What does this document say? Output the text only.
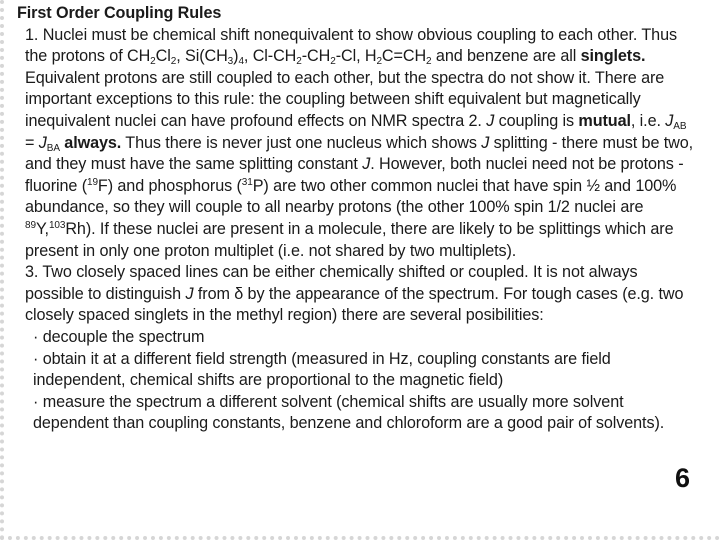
First Order Coupling Rules

1. Nuclei must be chemical shift nonequivalent to show obvious coupling to each other. Thus the protons of $CH_2Cl_2$, $Si(CH_3)_4$, $Cl-CH_2-CH_2-Cl$, $H_2C=CH_2$ and benzene are all singlets. Equivalent protons are still coupled to each other, but the spectra do not show it. There are important exceptions to this rule: the coupling between shift equivalent but magnetically inequivalent nuclei can have profound effects on NMR spectra 2. J coupling is mutual, i.e. $J_{AB} = J_{BA}$ always. Thus there is never just one nucleus which shows J splitting - there must be two, and they must have the same splitting constant J. However, both nuclei need not be protons - fluorine ($^{19}$F) and phosphorus ($^{31}$P) are two other common nuclei that have spin ½ and 100% abundance, so they will couple to all nearby protons (the other 100% spin 1/2 nuclei are $^{89}$Y,$^{103}$Rh). If these nuclei are present in a molecule, there are likely to be splittings which are present in only one proton multiplet (i.e. not shared by two multiplets).

3. Two closely spaced lines can be either chemically shifted or coupled. It is not always possible to distinguish J from δ by the appearance of the spectrum. For tough cases (e.g. two closely spaced singlets in the methyl region) there are several posibilities:

· decouple the spectrum

· obtain it at a different field strength (measured in Hz, coupling constants are field independent, chemical shifts are proportional to the magnetic field)

· measure the spectrum a different solvent (chemical shifts are usually more solvent dependent than coupling constants, benzene and chloroform are a good pair of solvents).

6
